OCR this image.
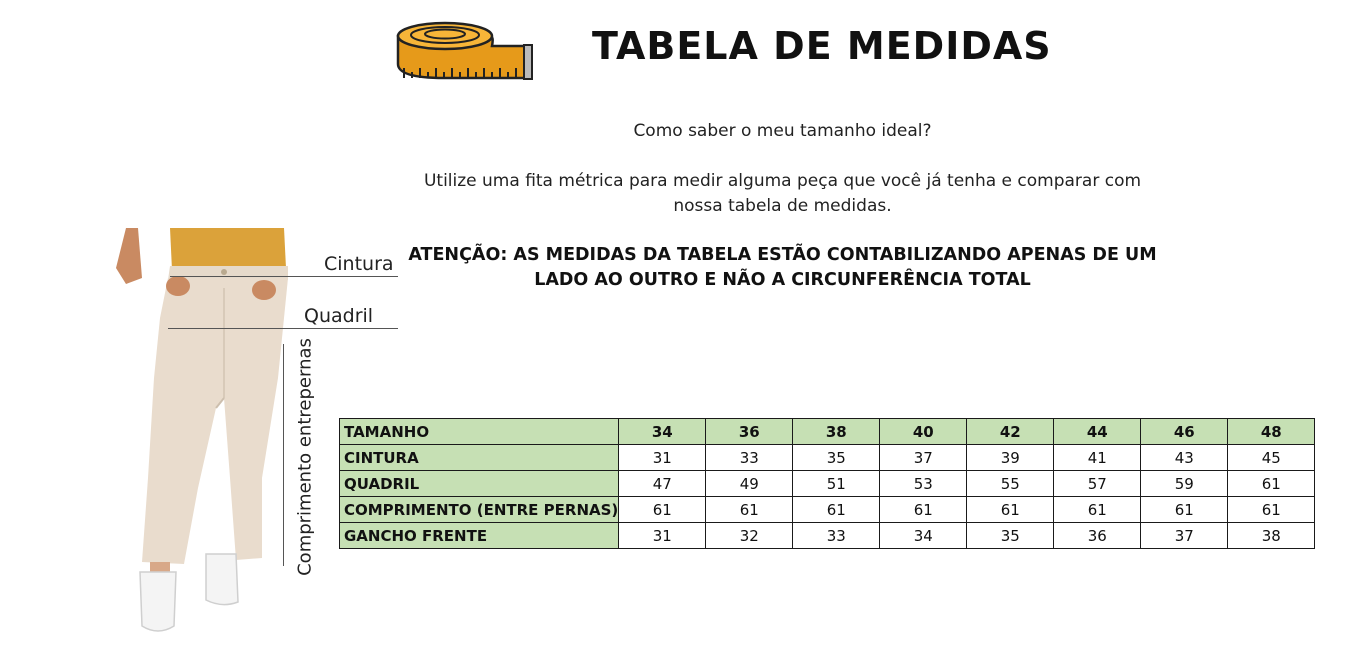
TABELA DE MEDIDAS
Como saber o meu tamanho ideal?
Utilize uma fita métrica para medir alguma peça que você já tenha e comparar com
nossa tabela de medidas.
ATENÇÃO: AS MEDIDAS DA TABELA ESTÃO CONTABILIZANDO APENAS DE UM
LADO AO OUTRO E NÃO A CIRCUNFERÊNCIA TOTAL
Cintura
Quadril
Comprimento entrepernas TAMANHO	34	36	38	40	42	44	46	48
CINTURA	31	33	35	37	39	41	43	45
QUADRIL	47	49	51	53	55	57	59	61
COMPRIMENTO (ENTRE PERNAS)	61	61	61	61	61	61	61	61
GANCHO FRENTE	31	32	33	34	35	36	37	38
